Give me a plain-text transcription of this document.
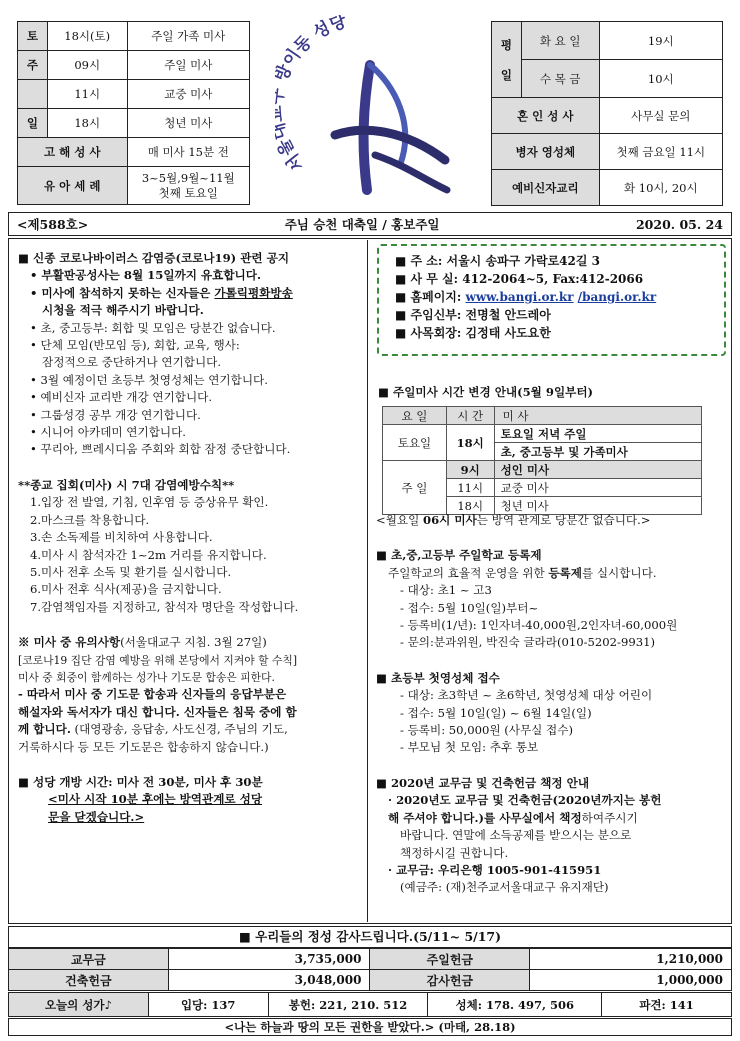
토	18시(토)	주일 가족 미사
주	09시	주일 미사
	11시	교중 미사
일	18시	청년 미사
고 해 성 사		매 미사 15분 전
유 아 세 례		3~5월,9월~11월
첫째 토요일
서울 이동 성당
평
일	화 요 일	19시
	수 목 금	10시
혼 인 성 사		사무실 문의
병자 영성체		첫째 금요일 11시
예비신자교리		화 10시, 20시
<제588호>	주님 승천 대축일 / 홍보주일	2020. 05. 24

■ 신종 코로나바이러스 감염증(코로나19) 관련 공지

• 부활판공성사는 8월 15일까지 유효합니다.

• 미사에 참석하지 못하는 신자들은 가톨릭평화방송

시청을 적극 해주시기 바랍니다.

• 초, 중고등부: 회합 및 모임은 당분간 없습니다.

• 단체 모임(반모임 등), 회합, 교육, 행사:

잠정적으로 중단하거나 연기합니다.

• 3월 예정이던 초등부 첫영성체는 연기합니다.

• 예비신자 교리반 개강 연기합니다.

• 그룹성경 공부 개강 연기합니다.

• 시니어 아카데미 연기합니다.

• 꾸리아, 쁘레시디움 주회와 회합 잠정 중단합니다.

**종교 집회(미사) 시 7대 감염예방수칙**

1.입장 전 발열, 기침, 인후염 등 증상유무 확인.

2.마스크를 착용합니다.

3.손 소독제를 비치하여 사용합니다.

4.미사 시 참석자간 1~2m 거리를 유지합니다.

5.미사 전후 소독 및 환기를 실시합니다.

6.미사 전후 식사(제공)을 금지합니다.

7.감염책임자를 지정하고, 참석자 명단을 작성합니다.

※ 미사 중 유의사항(서울대교구 지침. 3월 27일)

[코로나19 집단 감염 예방을 위해 본당에서 지켜야 할 수칙]

미사 중 회중이 함께하는 성가나 기도문 합송은 피한다.

- 따라서 미사 중 기도문 합송과 신자들의 응답부분은

해설자와 독서자가 대신 합니다. 신자들은 침묵 중에 함

께 합니다. (대영광송, 응답송, 사도신경, 주님의 기도,

거룩하시다 등 모든 기도문은 합송하지 않습니다.)

■ 성당 개방 시간: 미사 전 30분, 미사 후 30분

<미사 시작 10분 후에는 방역관계로 성당

문을 닫겠습니다.>

■ 주 소: 서울시 송파구 가락로42길 3

■ 사 무 실: 412-2064~5, Fax:412-2066

■ 홈페이지: www.bangi.or.kr /bangi.or.kr

■ 주임신부: 전명철 안드레아

■ 사목회장: 김정태 사도요한

■ 주일미사 시간 변경 안내(5월 9일부터)

요 일	시 간	미 사
토요일	18시	토요일 저녁 주일
		초, 중고등부 및 가족미사
주 일	9시	성인 미사
	11시	교중 미사
	18시	청년 미사

<월요일 06시 미사는 방역 관계로 당분간 없습니다.>

■ 초,중,고등부 주일학교 등록제

주일학교의 효율적 운영을 위한 등록제를 실시합니다.

- 대상: 초1 ~ 고3

- 접수: 5월 10일(일)부터~

- 등록비(1/년): 1인자녀-40,000원,2인자녀-60,000원

- 문의:분과위원, 박진숙 글라라(010-5202-9931)

■ 초등부 첫영성체 접수

- 대상: 초3학년 ~ 초6학년, 첫영성체 대상 어린이

- 접수: 5월 10일(일) ~ 6월 14일(일)

- 등록비: 50,000원 (사무실 접수)

- 부모님 첫 모임: 추후 통보

■ 2020년 교무금 및 건축헌금 책정 안내

· 2020년도 교무금 및 건축헌금(2020년까지는 봉헌

해 주셔야 합니다.)를 사무실에서 책정하여주시기

바랍니다. 연말에 소득공제를 받으시는 분으로

책정하시길 권합니다.

· 교무금: 우리은행 1005-901-415951

(예금주: (재)천주교서울대교구 유지재단)

■ 우리들의 정성 감사드립니다.(5/11~ 5/17)
교무금	3,735,000	주일헌금	1,210,000
건축헌금	3,048,000	감사헌금	1,000,000
오늘의 성가♪	입당: 137	봉헌: 221, 210. 512	성체: 178. 497, 506	파견: 141
<나는 하늘과 땅의 모든 권한을 받았다.> (마태, 28.18)
